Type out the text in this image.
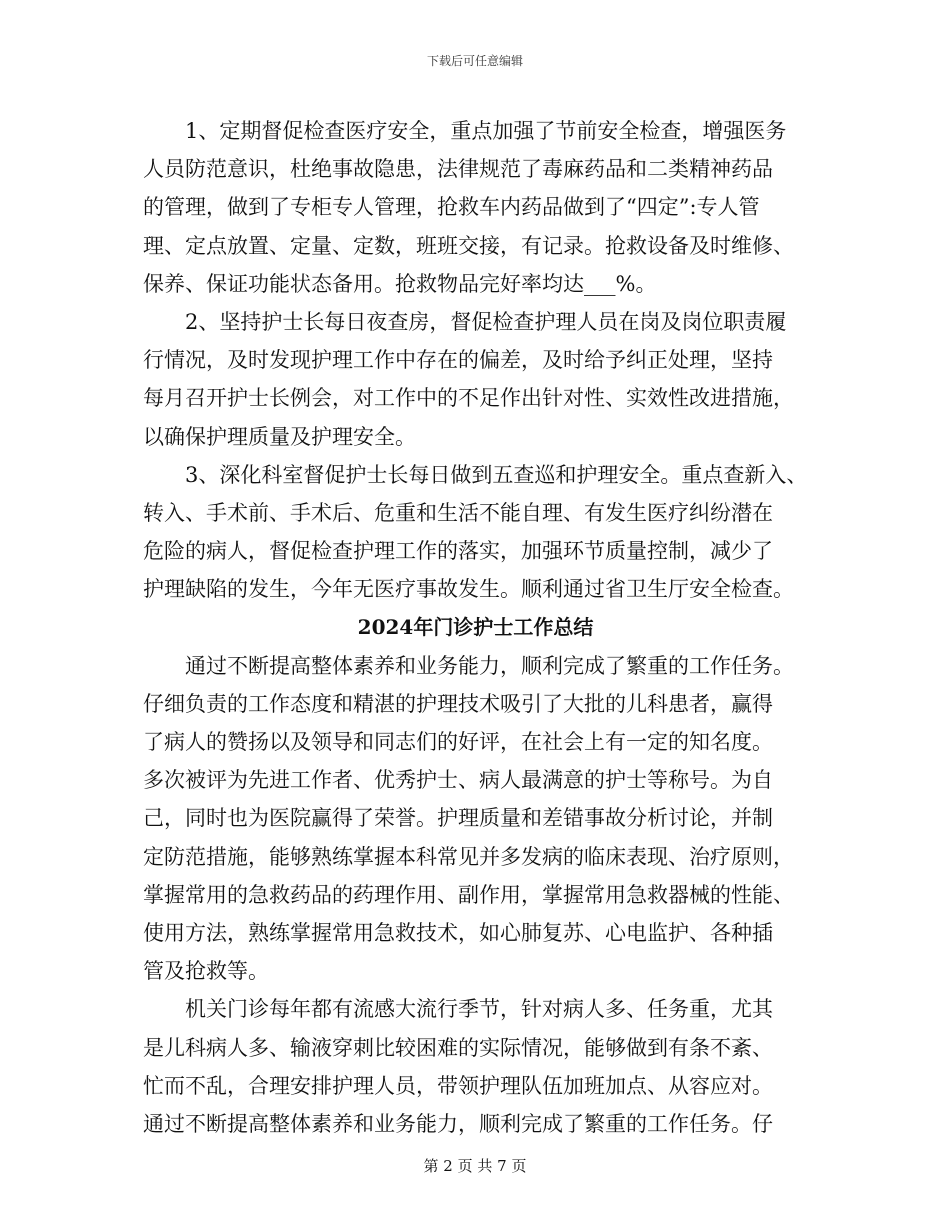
下载后可任意编辑
1、定期督促检查医疗安全，重点加强了节前安全检查，增强医务
人员防范意识，杜绝事故隐患，法律规范了毒麻药品和二类精神药品
的管理，做到了专柜专人管理，抢救车内药品做到了“四定”:专人管
理、定点放置、定量、定数，班班交接，有记录。抢救设备及时维修、
保养、保证功能状态备用。抢救物品完好率均达___%。
2、坚持护士长每日夜查房，督促检查护理人员在岗及岗位职责履
行情况，及时发现护理工作中存在的偏差，及时给予纠正处理，坚持
每月召开护士长例会，对工作中的不足作出针对性、实效性改进措施，
以确保护理质量及护理安全。
3、深化科室督促护士长每日做到五查巡和护理安全。重点查新入、
转入、手术前、手术后、危重和生活不能自理、有发生医疗纠纷潜在
危险的病人，督促检查护理工作的落实，加强环节质量控制，减少了
护理缺陷的发生，今年无医疗事故发生。顺利通过省卫生厅安全检查。
2024年门诊护士工作总结
通过不断提高整体素养和业务能力，顺利完成了繁重的工作任务。
仔细负责的工作态度和精湛的护理技术吸引了大批的儿科患者，赢得
了病人的赞扬以及领导和同志们的好评，在社会上有一定的知名度。
多次被评为先进工作者、优秀护士、病人最满意的护士等称号。为自
己，同时也为医院赢得了荣誉。护理质量和差错事故分析讨论，并制
定防范措施，能够熟练掌握本科常见并多发病的临床表现、治疗原则，
掌握常用的急救药品的药理作用、副作用，掌握常用急救器械的性能、
使用方法，熟练掌握常用急救技术，如心肺复苏、心电监护、各种插
管及抢救等。
机关门诊每年都有流感大流行季节，针对病人多、任务重，尤其
是儿科病人多、输液穿刺比较困难的实际情况，能够做到有条不紊、
忙而不乱，合理安排护理人员，带领护理队伍加班加点、从容应对。
通过不断提高整体素养和业务能力，顺利完成了繁重的工作任务。仔
第 2 页 共 7 页
